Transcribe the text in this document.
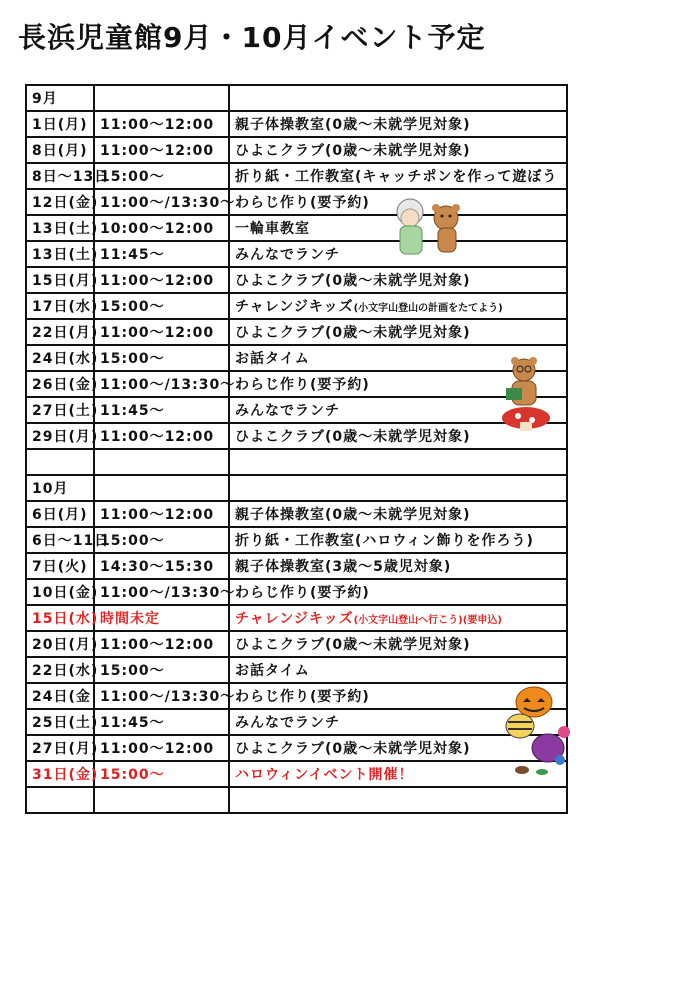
長浜児童館9月・10月イベント予定
9月		
1日(月)	11:00～12:00	親子体操教室(0歳～未就学児対象)
8日(月)	11:00～12:00	ひよこクラブ(0歳～未就学児対象)
8日～13日	15:00～	折り紙・工作教室(キャッチポンを作って遊ぼう
12日(金)	11:00～/13:30～	わらじ作り(要予約)
13日(土)	10:00～12:00	一輪車教室
13日(土)	11:45～	みんなでランチ
15日(月)	11:00～12:00	ひよこクラブ(0歳～未就学児対象)
17日(水)	15:00～	チャレンジキッズ(小文字山登山の計画をたてよう)
22日(月)	11:00～12:00	ひよこクラブ(0歳～未就学児対象)
24日(水)	15:00～	お話タイム
26日(金)	11:00～/13:30～	わらじ作り(要予約)
27日(土)	11:45～	みんなでランチ
29日(月)	11:00～12:00	ひよこクラブ(0歳～未就学児対象)

10月		
6日(月)	11:00～12:00	親子体操教室(0歳～未就学児対象)
6日～11日	15:00～	折り紙・工作教室(ハロウィン飾りを作ろう)
7日(火)	14:30～15:30	親子体操教室(3歳～5歳児対象)
10日(金)	11:00～/13:30～	わらじ作り(要予約)
15日(水)	時間未定	チャレンジキッズ(小文字山登山へ行こう)(要申込)
20日(月)	11:00～12:00	ひよこクラブ(0歳～未就学児対象)
22日(水)	15:00～	お話タイム
24日(金	11:00～/13:30～	わらじ作り(要予約)
25日(土)	11:45～	みんなでランチ
27日(月)	11:00～12:00	ひよこクラブ(0歳～未就学児対象)
31日(金)	15:00～	ハロウィンイベント開催！
